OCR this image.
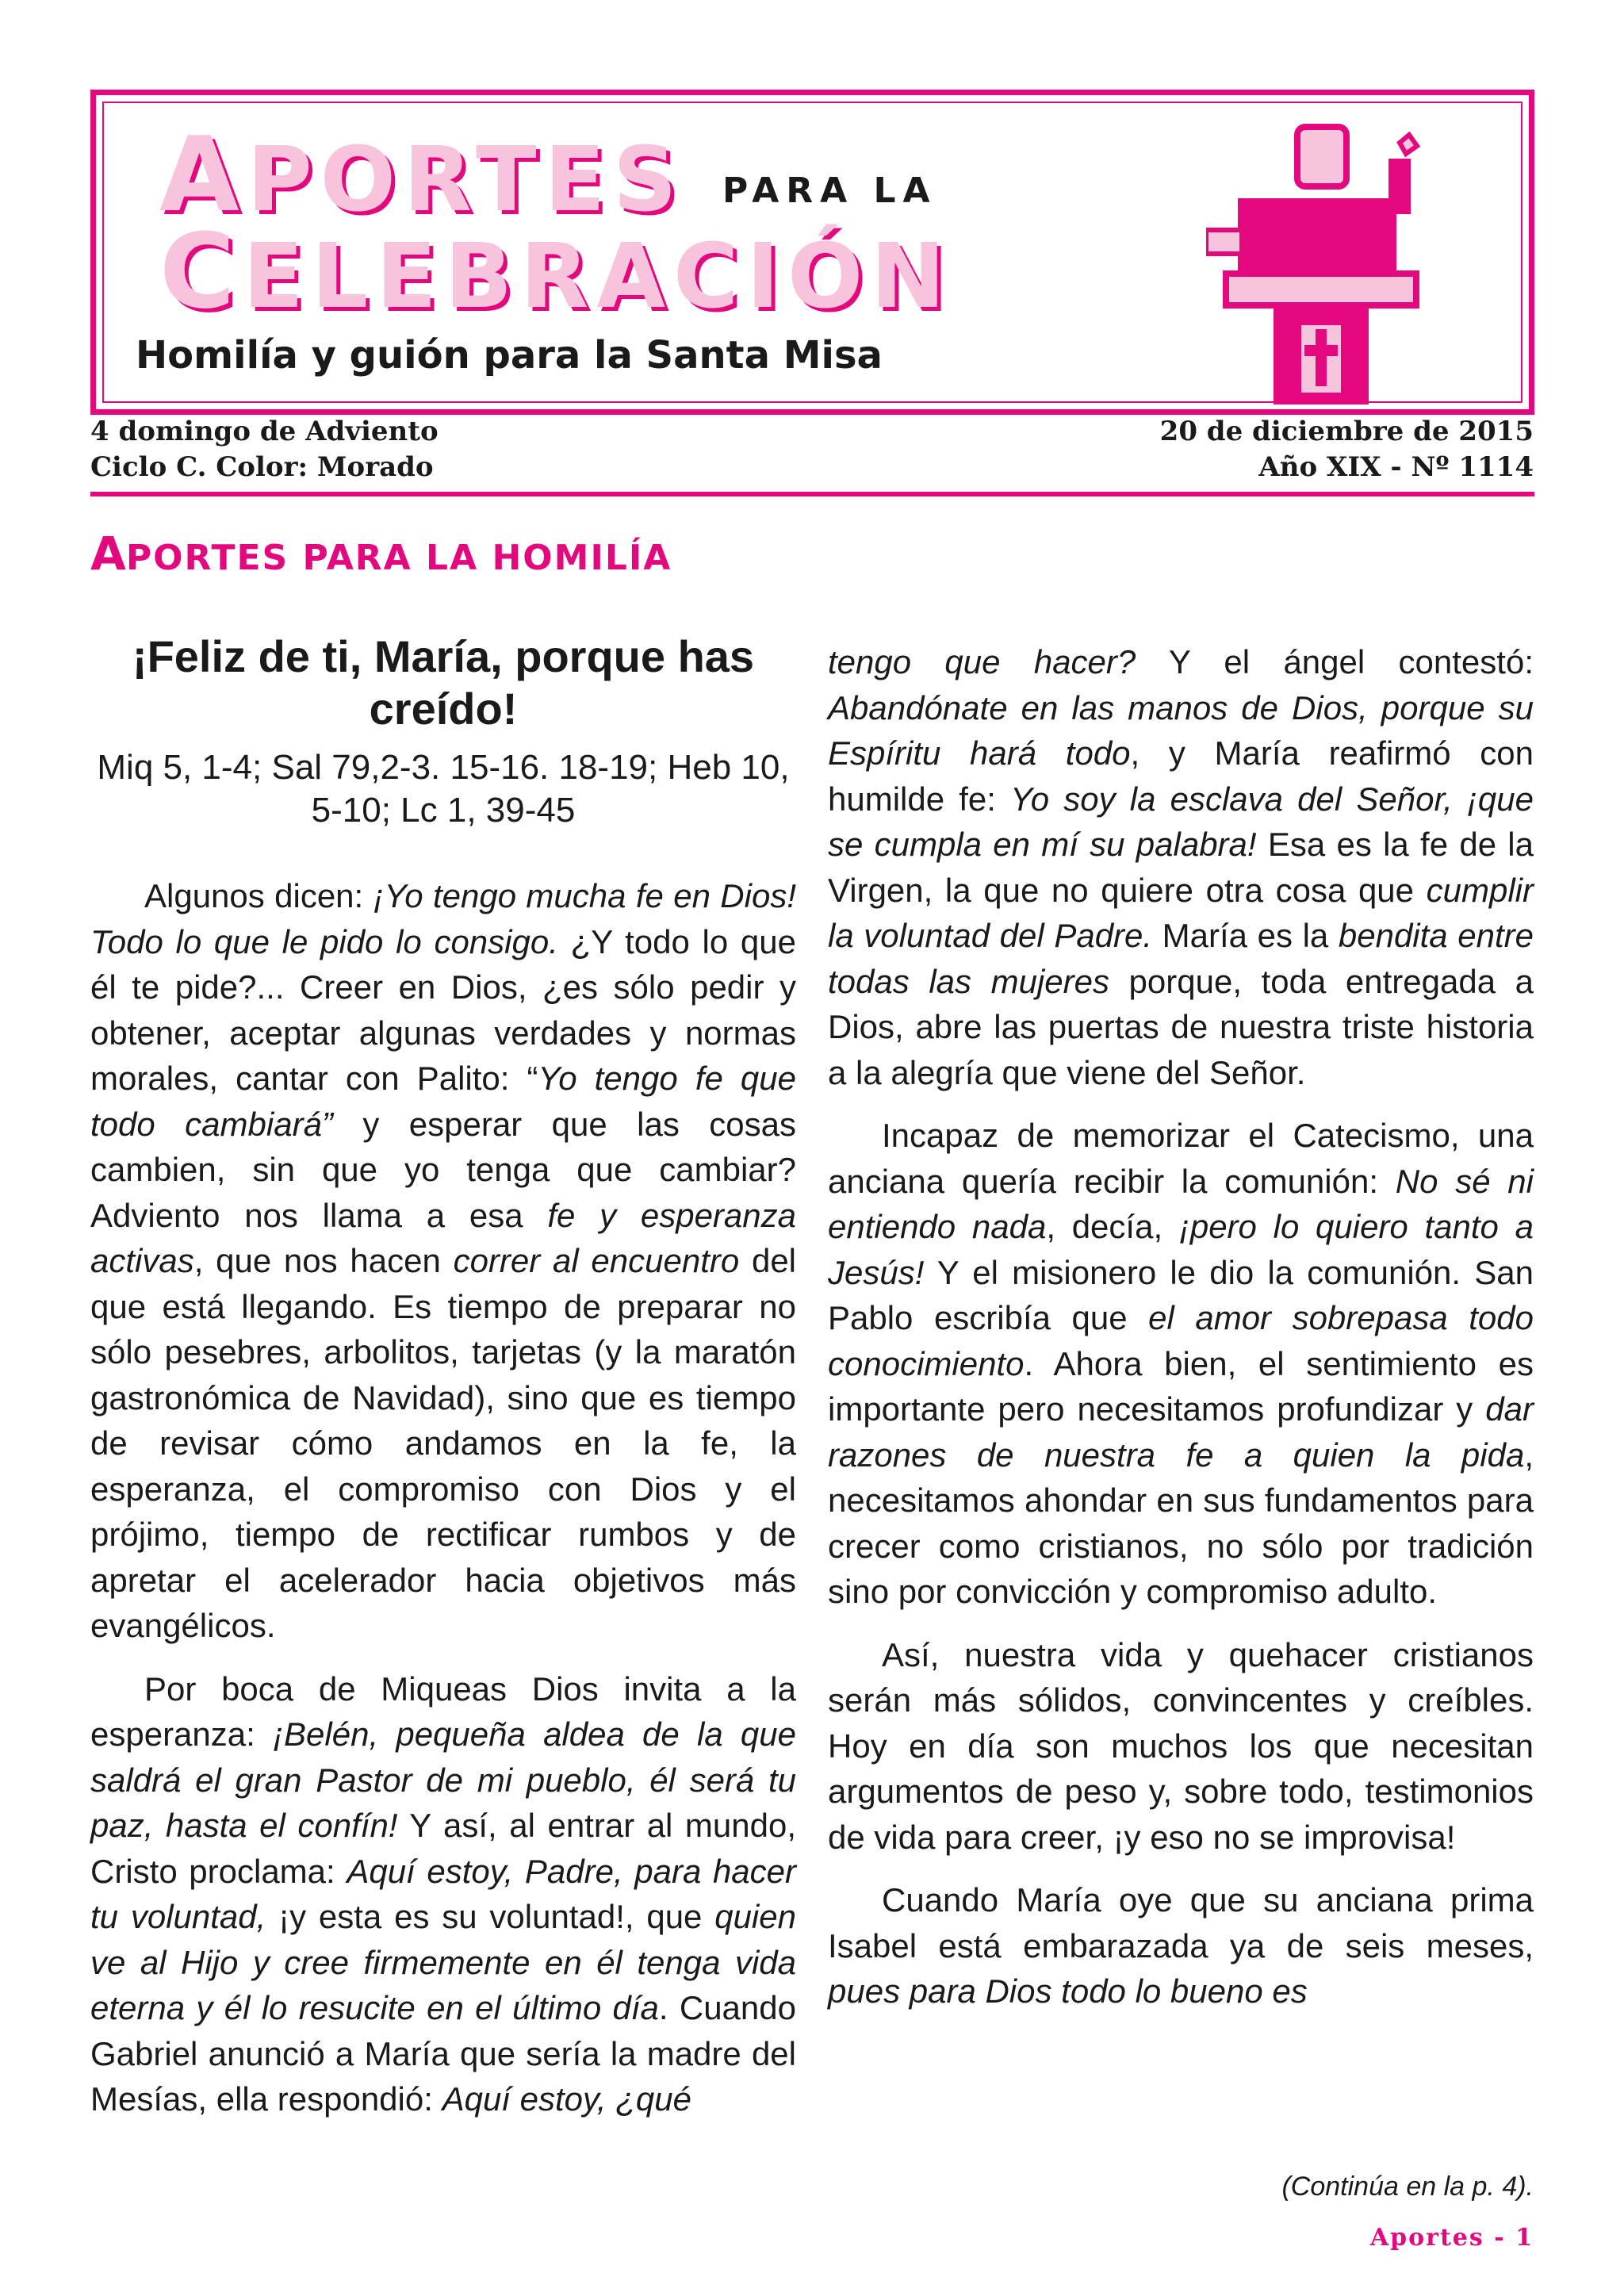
APORTES PARA LA
CELEBRACIÓN
Homilía y guión para la Santa Misa
4 domingo de Adviento
Ciclo C. Color: Morado
20 de diciembre de 2015
Año XIX - Nº 1114
APORTES PARA LA HOMILÍA
¡Feliz de ti, María, porque has creído!
Miq 5, 1-4; Sal 79,2-3. 15-16. 18-19; Heb 10, 5-10; Lc 1, 39-45

Algunos dicen: ¡Yo tengo mucha fe en Dios! Todo lo que le pido lo consigo. ¿Y todo lo que él te pide?... Creer en Dios, ¿es sólo pedir y obtener, aceptar algunas verdades y normas morales, cantar con Palito: “Yo tengo fe que todo cambiará” y esperar que las cosas cambien, sin que yo tenga que cambiar? Adviento nos llama a esa fe y esperanza activas, que nos hacen correr al encuentro del que está llegando. Es tiempo de preparar no sólo pesebres, arbolitos, tarjetas (y la maratón gastronómica de Navidad), sino que es tiempo de revisar cómo andamos en la fe, la esperanza, el compromiso con Dios y el prójimo, tiempo de rectificar rumbos y de apretar el acelerador hacia objetivos más evangélicos.

Por boca de Miqueas Dios invita a la esperanza: ¡Belén, pequeña aldea de la que saldrá el gran Pastor de mi pueblo, él será tu paz, hasta el confín! Y así, al entrar al mundo, Cristo proclama: Aquí estoy, Padre, para hacer tu voluntad, ¡y esta es su voluntad!, que quien ve al Hijo y cree firmemente en él tenga vida eterna y él lo resucite en el último día. Cuando Gabriel anunció a María que sería la madre del Mesías, ella respondió: Aquí estoy, ¿qué

tengo que hacer? Y el ángel contestó: Abandónate en las manos de Dios, porque su Espíritu hará todo, y María reafirmó con humilde fe: Yo soy la esclava del Señor, ¡que se cumpla en mí su palabra! Esa es la fe de la Virgen, la que no quiere otra cosa que cumplir la voluntad del Padre. María es la bendita entre todas las mujeres porque, toda entregada a Dios, abre las puertas de nuestra triste historia a la alegría que viene del Señor.

Incapaz de memorizar el Catecismo, una anciana quería recibir la comunión: No sé ni entiendo nada, decía, ¡pero lo quiero tanto a Jesús! Y el misionero le dio la comunión. San Pablo escribía que el amor sobrepasa todo conocimiento. Ahora bien, el sentimiento es importante pero necesitamos profundizar y dar razones de nuestra fe a quien la pida, necesitamos ahondar en sus fundamentos para crecer como cristianos, no sólo por tradición sino por convicción y compromiso adulto.

Así, nuestra vida y quehacer cristianos serán más sólidos, convincentes y creíbles. Hoy en día son muchos los que necesitan argumentos de peso y, sobre todo, testimonios de vida para creer, ¡y eso no se improvisa!

Cuando María oye que su anciana prima Isabel está embarazada ya de seis meses, pues para Dios todo lo bueno es

(Continúa en la p. 4).
Aportes - 1
